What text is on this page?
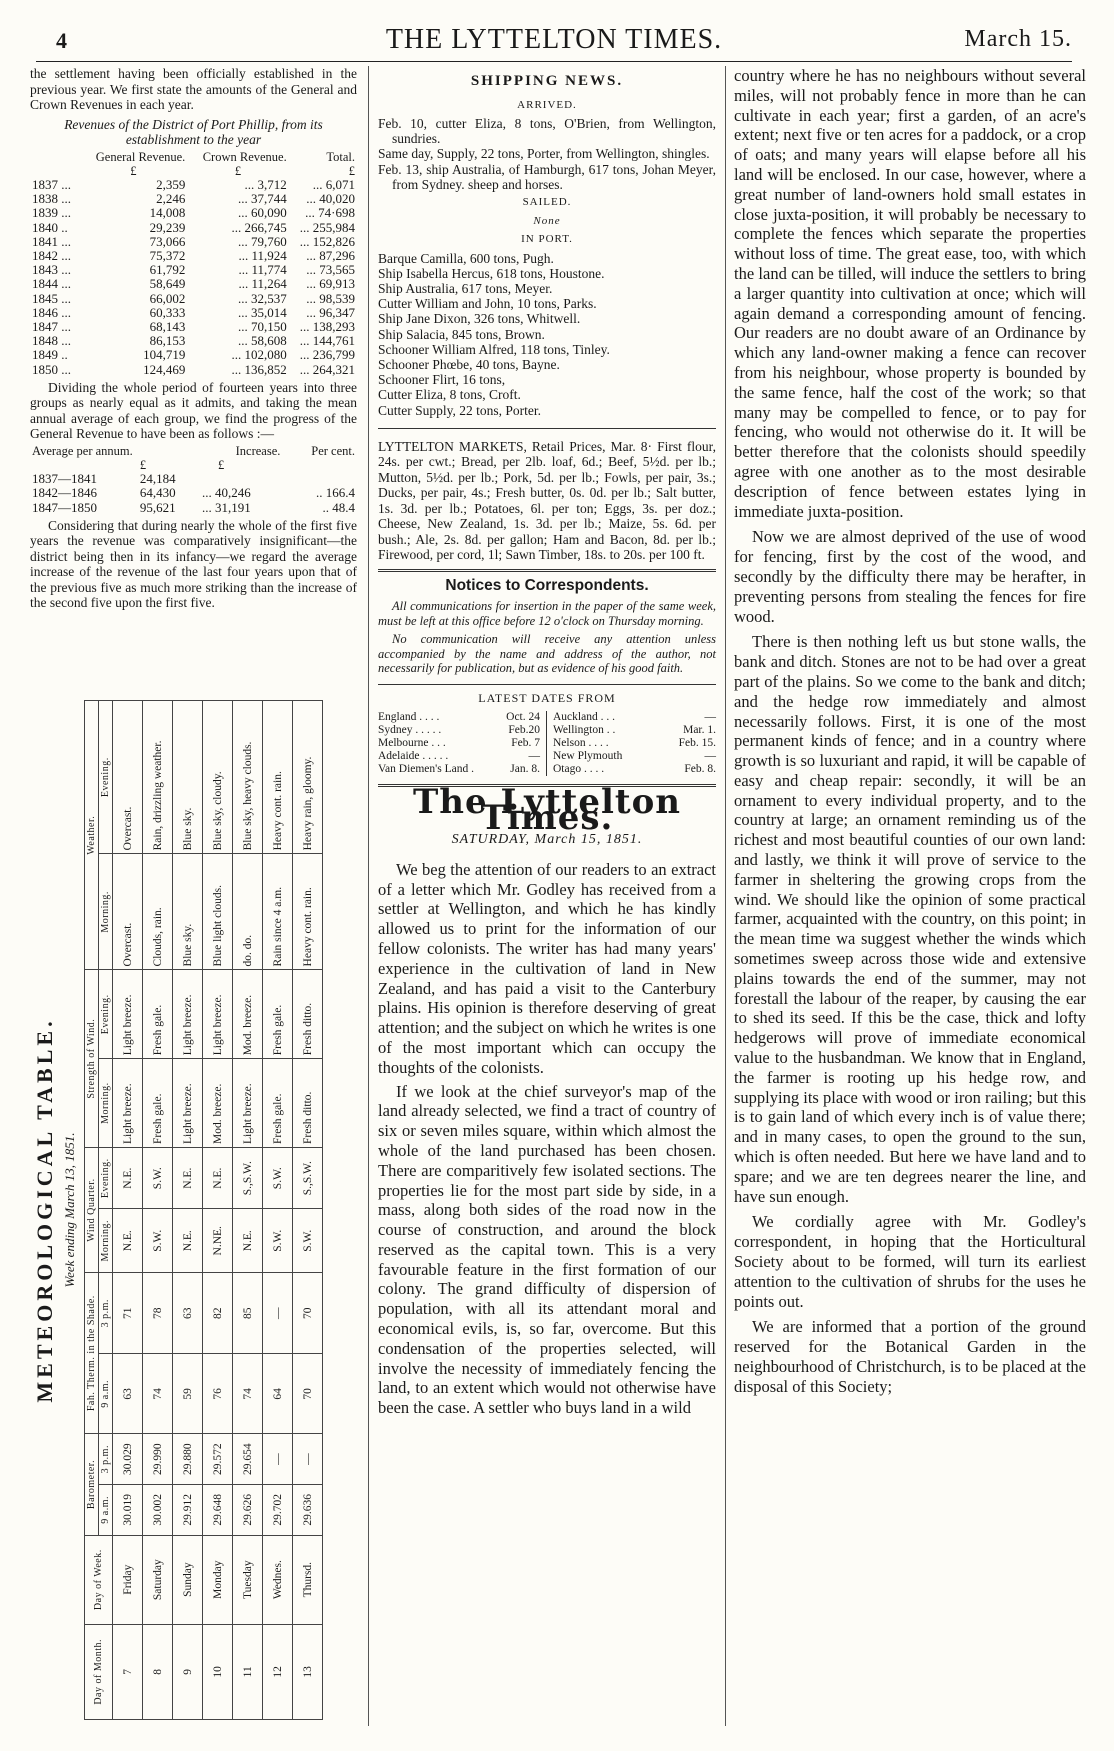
4	THE LYTTELTON TIMES.	March 15.

the settlement having been officially established in the previous year. We first state the amounts of the General and Crown Revenues in each year.

Revenues of the District of Port Phillip, from its establishment to the year

	General Revenue.	Crown Revenue.	Total.
	£	£	£
1837 ...	2,359	... 3,712	... 6,071
1838 ...	2,246	... 37,744	... 40,020
1839 ...	14,008	... 60,090	... 74·698
1840 ..	29,239	... 266,745	... 255,984
1841 ...	73,066	... 79,760	... 152,826
1842 ...	75,372	... 11,924	... 87,296
1843 ...	61,792	... 11,774	... 73,565
1844 ...	58,649	... 11,264	... 69,913
1845 ...	66,002	... 32,537	... 98,539
1846 ...	60,333	... 35,014	... 96,347
1847 ...	68,143	... 70,150	... 138,293
1848 ...	86,153	... 58,608	... 144,761
1849 ..	104,719	... 102,080	... 236,799
1850 ...	124,469	... 136,852	... 264,321

Dividing the whole period of fourteen years into three groups as nearly equal as it admits, and taking the mean annual average of each group, we find the progress of the General Revenue to have been as follows :—

Average per annum.		Increase.	Per cent.
	£	£	
1837—1841	24,184		
1842—1846	64,430	... 40,246	.. 166.4
1847—1850	95,621	... 31,191	.. 48.4

Considering that during nearly the whole of the first five years the revenue was comparatively insignificant—the district being then in its infancy—we regard the average increase of the revenue of the last four years upon that of the previous five as much more striking than the increase of the second five upon the first five.

METEOROLOGICAL TABLE. Week ending March 13, 1851.
Day of Month.	Day of Week.	Barometer.		Fah. Therm. in the Shade.		Wind Quarter.		Strength of Wind.		Weather.	
		9 a.m.	3 p.m.	9 a.m.	3 p.m.	Morning.	Evening.	Morning.	Evening.	Morning.	Evening.
7	Friday	30.019	30.029	63	71	N.E.	N.E.	Light breeze.	Light breeze.	Overcast.	Overcast.
8	Saturday	30.002	29.990	74	78	S.W.	S.W.	Fresh gale.	Fresh gale.	Clouds, rain.	Rain, drizzling weather.
9	Sunday	29.912	29.880	59	63	N.E.	N.E.	Light breeze.	Light breeze.	Blue sky.	Blue sky.
10	Monday	29.648	29.572	76	82	N.NE.	N.E.	Mod. breeze.	Light breeze.	Blue light clouds.	Blue sky, cloudy.
11	Tuesday	29.626	29.654	74	85	N.E.	S.,S.W.	Light breeze.	Mod. breeze.	do. do.	Blue sky, heavy clouds.
12	Wednes.	29.702	—	64	—	S.W.	S.W.	Fresh gale.	Fresh gale.	Rain since 4 a.m.	Heavy cont. rain.
13	Thursd.	29.636	—	70	70	S.W.	S.,S.W.	Fresh ditto.	Fresh ditto.	Heavy cont. rain.	Heavy rain, gloomy.
SHIPPING NEWS.
ARRIVED.

Feb. 10, cutter Eliza, 8 tons, O'Brien, from Wellington, sundries.

Same day, Supply, 22 tons, Porter, from Wellington, shingles.

Feb. 13, ship Australia, of Hamburgh, 617 tons, Johan Meyer, from Sydney. sheep and horses.

SAILED.
None
IN PORT.

Barque Camilla, 600 tons, Pugh.

Ship Isabella Hercus, 618 tons, Houstone.

Ship Australia, 617 tons, Meyer.

Cutter William and John, 10 tons, Parks.

Ship Jane Dixon, 326 tons, Whitwell.

Ship Salacia, 845 tons, Brown.

Schooner William Alfred, 118 tons, Tinley.

Schooner Phœbe, 40 tons, Bayne.

Schooner Flirt, 16 tons,

Cutter Eliza, 8 tons, Croft.

Cutter Supply, 22 tons, Porter.

LYTTELTON MARKETS, Retail Prices, Mar. 8· First flour, 24s. per cwt.; Bread, per 2lb. loaf, 6d.; Beef, 5½d. per lb.; Mutton, 5½d. per lb.; Pork, 5d. per lb.; Fowls, per pair, 3s.; Ducks, per pair, 4s.; Fresh butter, 0s. 0d. per lb.; Salt butter, 1s. 3d. per lb.; Potatoes, 6l. per ton; Eggs, 3s. per doz.; Cheese, New Zealand, 1s. 3d. per lb.; Maize, 5s. 6d. per bush.; Ale, 2s. 8d. per gallon; Ham and Bacon, 8d. per lb.; Firewood, per cord, 1l; Sawn Timber, 18s. to 20s. per 100 ft.

Notices to Correspondents.

All communications for insertion in the paper of the same week, must be left at this office before 12 o'clock on Thursday morning.

No communication will receive any attention unless accompanied by the name and address of the author, not necessarily for publication, but as evidence of his good faith.

LATEST DATES FROM
England . . . .	Oct. 24
Sydney . . . . .	Feb.20
Melbourne . . .	Feb. 7
Adelaide . . . . .	—
Van Diemen's Land .	Jan. 8.
Auckland . . .	—
Wellington . .	Mar. 1.
Nelson . . . .	Feb. 15.
New Plymouth	—
Otago . . . .	Feb. 8.
The Lyttelton Times.
SATURDAY, March 15, 1851.

We beg the attention of our readers to an extract of a letter which Mr. Godley has received from a settler at Wellington, and which he has kindly allowed us to print for the information of our fellow colonists. The writer has had many years' experience in the cultivation of land in New Zealand, and has paid a visit to the Canterbury plains. His opinion is therefore deserving of great attention; and the subject on which he writes is one of the most important which can occupy the thoughts of the colonists.

If we look at the chief surveyor's map of the land already selected, we find a tract of country of six or seven miles square, within which almost the whole of the land purchased has been chosen. There are comparitively few isolated sections. The properties lie for the most part side by side, in a mass, along both sides of the road now in the course of construction, and around the block reserved as the capital town. This is a very favourable feature in the first formation of our colony. The grand difficulty of dispersion of population, with all its attendant moral and economical evils, is, so far, overcome. But this condensation of the properties selected, will involve the necessity of immediately fencing the land, to an extent which would not otherwise have been the case. A settler who buys land in a wild

country where he has no neighbours without several miles, will not probably fence in more than he can cultivate in each year; first a garden, of an acre's extent; next five or ten acres for a paddock, or a crop of oats; and many years will elapse before all his land will be enclosed. In our case, however, where a great number of land-owners hold small estates in close juxta-position, it will probably be necessary to complete the fences which separate the properties without loss of time. The great ease, too, with which the land can be tilled, will induce the settlers to bring a larger quantity into cultivation at once; which will again demand a corresponding amount of fencing. Our readers are no doubt aware of an Ordinance by which any land-owner making a fence can recover from his neighbour, whose property is bounded by the same fence, half the cost of the work; so that many may be compelled to fence, or to pay for fencing, who would not otherwise do it. It will be better therefore that the colonists should speedily agree with one another as to the most desirable description of fence between estates lying in immediate juxta-position.

Now we are almost deprived of the use of wood for fencing, first by the cost of the wood, and secondly by the difficulty there may be herafter, in preventing persons from stealing the fences for fire wood.

There is then nothing left us but stone walls, the bank and ditch. Stones are not to be had over a great part of the plains. So we come to the bank and ditch; and the hedge row immediately and almost necessarily follows. First, it is one of the most permanent kinds of fence; and in a country where growth is so luxuriant and rapid, it will be capable of easy and cheap repair: secondly, it will be an ornament to every individual property, and to the country at large; an ornament reminding us of the richest and most beautiful counties of our own land: and lastly, we think it will prove of service to the farmer in sheltering the growing crops from the wind. We should like the opinion of some practical farmer, acquainted with the country, on this point; in the mean time wa suggest whether the winds which sometimes sweep across those wide and extensive plains towards the end of the summer, may not forestall the labour of the reaper, by causing the ear to shed its seed. If this be the case, thick and lofty hedgerows will prove of immediate economical value to the husbandman. We know that in England, the farmer is rooting up his hedge row, and supplying its place with wood or iron railing; but this is to gain land of which every inch is of value there; and in many cases, to open the ground to the sun, which is often needed. But here we have land and to spare; and we are ten degrees nearer the line, and have sun enough.

We cordially agree with Mr. Godley's correspondent, in hoping that the Horticultural Society about to be formed, will turn its earliest attention to the cultivation of shrubs for the uses he points out.

We are informed that a portion of the ground reserved for the Botanical Garden in the neighbourhood of Christchurch, is to be placed at the disposal of this Society;
